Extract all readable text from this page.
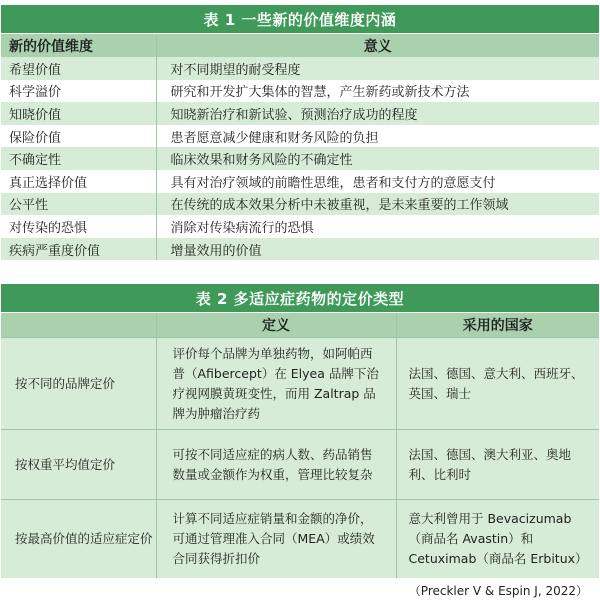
表 1 一些新的价值维度内涵
新的价值维度	意义
希望价值	对不同期望的耐受程度
科学溢价	研究和开发扩大集体的智慧，产生新药或新技术方法
知晓价值	知晓新治疗和新试验、预测治疗成功的程度
保险价值	患者愿意减少健康和财务风险的负担
不确定性	临床效果和财务风险的不确定性
真正选择价值	具有对治疗领域的前瞻性思维，患者和支付方的意愿支付
公平性	在传统的成本效果分析中未被重视，是未来重要的工作领域
对传染的恐惧	消除对传染病流行的恐惧
疾病严重度价值	增量效用的价值
表 2 多适应症药物的定价类型
	定义	采用的国家
按不同的品牌定价	评价每个品牌为单独药物，如阿帕西普（Afibercept）在 Elyea 品牌下治疗视网膜黄斑变性，而用 Zaltrap 品牌为肿瘤治疗药	法国、德国、意大利、西班牙、英国、瑞士
按权重平均值定价	可按不同适应症的病人数、药品销售数量或金额作为权重，管理比较复杂	法国、德国、澳大利亚、奥地利、比利时
按最高价值的适应症定价	计算不同适应症销量和金额的净价，可通过管理准入合同（MEA）或绩效合同获得折扣价	意大利曾用于 Bevacizumab（商品名 Avastin）和 Cetuximab（商品名 Erbitux）
（Preckler V & Espin J, 2022）
